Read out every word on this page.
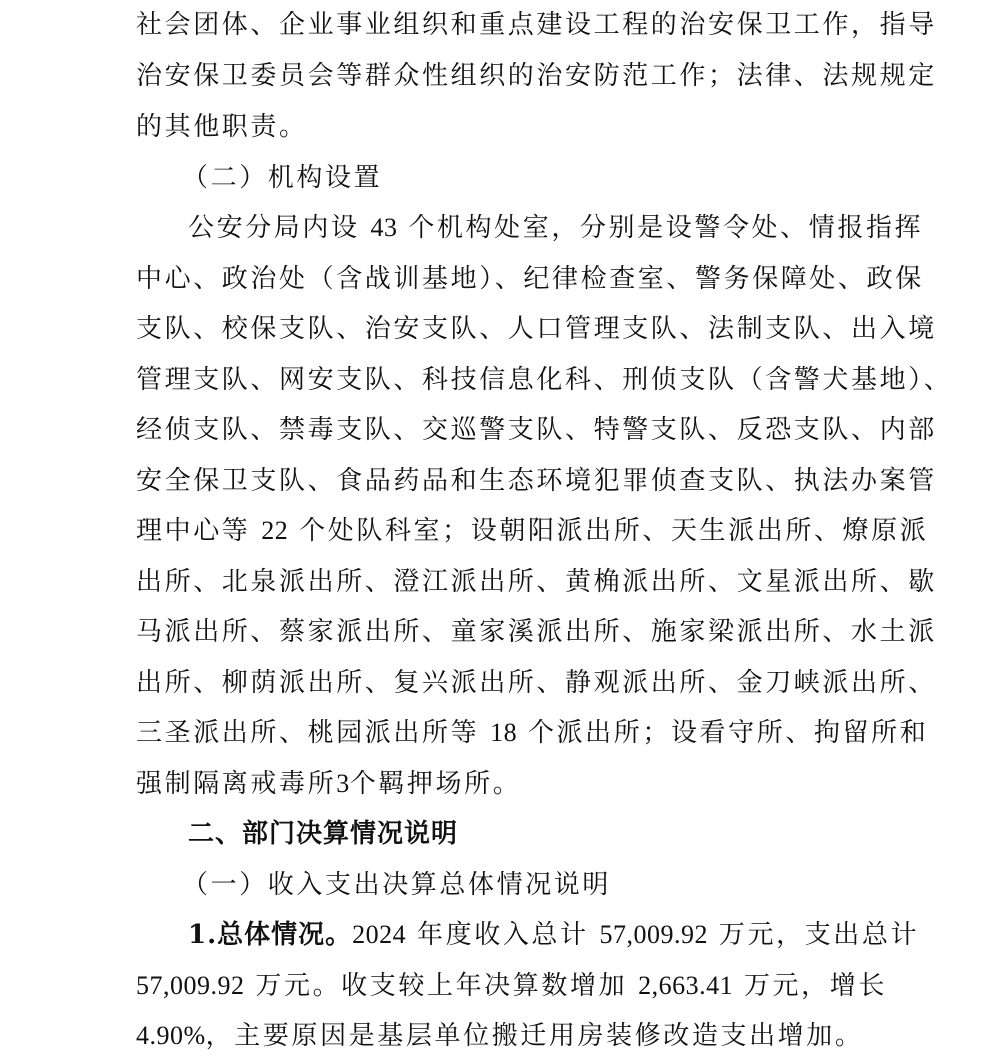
社会团体、企业事业组织和重点建设工程的治安保卫工作，指导
治安保卫委员会等群众性组织的治安防范工作；法律、法规规定
的其他职责。
（二）机构设置
公安分局内设 43 个机构处室，分别是设警令处、情报指挥
中心、政治处（含战训基地）、纪律检查室、警务保障处、政保
支队、校保支队、治安支队、人口管理支队、法制支队、出入境
管理支队、网安支队、科技信息化科、刑侦支队（含警犬基地）、
经侦支队、禁毒支队、交巡警支队、特警支队、反恐支队、内部
安全保卫支队、食品药品和生态环境犯罪侦查支队、执法办案管
理中心等 22 个处队科室；设朝阳派出所、天生派出所、燎原派
出所、北泉派出所、澄江派出所、黄桷派出所、文星派出所、歇
马派出所、蔡家派出所、童家溪派出所、施家梁派出所、水土派
出所、柳荫派出所、复兴派出所、静观派出所、金刀峡派出所、
三圣派出所、桃园派出所等 18 个派出所；设看守所、拘留所和
强制隔离戒毒所3个羁押场所。
二、部门决算情况说明
（一）收入支出决算总体情况说明
1.总体情况。2024 年度收入总计 57,009.92 万元，支出总计
57,009.92 万元。收支较上年决算数增加 2,663.41 万元，增长
4.90%，主要原因是基层单位搬迁用房装修改造支出增加。
